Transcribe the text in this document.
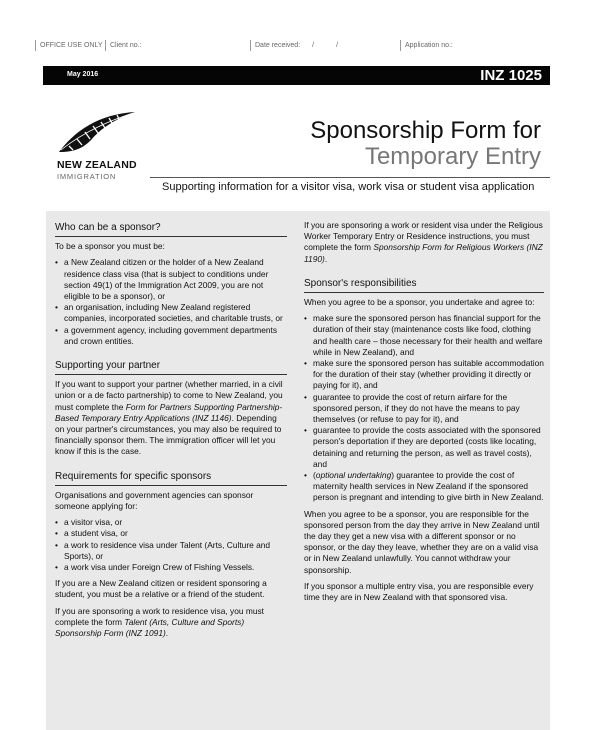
OFFICE USE ONLY	Client no.:	Date received: /	/	Application no.:
May 2016	INZ 1025
NEW ZEALAND
IMMIGRATION
Sponsorship Form for
Temporary Entry
Supporting information for a visitor visa, work visa or student visa application
Who can be a sponsor?

To be a sponsor you must be:

• a New Zealand citizen or the holder of a New Zealand residence class visa (that is subject to conditions under section 49(1) of the Immigration Act 2009, you are not eligible to be a sponsor), or
• an organisation, including New Zealand registered companies, incorporated societies, and charitable trusts, or
• a government agency, including government departments and crown entities.
Supporting your partner

If you want to support your partner (whether married, in a civil union or a de facto partnership) to come to New Zealand, you must complete the Form for Partners Supporting Partnership-Based Temporary Entry Applications (INZ 1146). Depending on your partner's circumstances, you may also be required to financially sponsor them. The immigration officer will let you know if this is the case.

Requirements for specific sponsors

Organisations and government agencies can sponsor someone applying for:

• a visitor visa, or
• a student visa, or
• a work to residence visa under Talent (Arts, Culture and Sports), or
• a work visa under Foreign Crew of Fishing Vessels.

If you are a New Zealand citizen or resident sponsoring a student, you must be a relative or a friend of the student.

If you are sponsoring a work to residence visa, you must complete the form Talent (Arts, Culture and Sports) Sponsorship Form (INZ 1091).

If you are sponsoring a work or resident visa under the Religious Worker Temporary Entry or Residence instructions, you must complete the form Sponsorship Form for Religious Workers (INZ 1190).

Sponsor's responsibilities

When you agree to be a sponsor, you undertake and agree to:

• make sure the sponsored person has financial support for the duration of their stay (maintenance costs like food, clothing and health care – those necessary for their health and welfare while in New Zealand), and
• make sure the sponsored person has suitable accommodation for the duration of their stay (whether providing it directly or paying for it), and
• guarantee to provide the cost of return airfare for the sponsored person, if they do not have the means to pay themselves (or refuse to pay for it), and
• guarantee to provide the costs associated with the sponsored person's deportation if they are deported (costs like locating, detaining and returning the person, as well as travel costs), and
• (optional undertaking) guarantee to provide the cost of maternity health services in New Zealand if the sponsored person is pregnant and intending to give birth in New Zealand.

When you agree to be a sponsor, you are responsible for the sponsored person from the day they arrive in New Zealand until the day they get a new visa with a different sponsor or no sponsor, or the day they leave, whether they are on a valid visa or in New Zealand unlawfully. You cannot withdraw your sponsorship.

If you sponsor a multiple entry visa, you are responsible every time they are in New Zealand with that sponsored visa.
